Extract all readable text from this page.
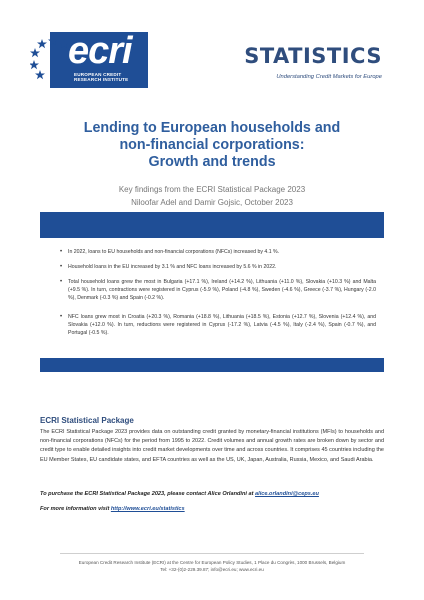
ecri
EUROPEAN CREDIT RESEARCH INSTITUTE
STATISTICS
Understanding Credit Markets for Europe
Lending to European households and
non-financial corporations:
Growth and trends
Key findings from the ECRI Statistical Package 2023
Niloofar Adel and Damir Gojsic, October 2023
• In 2022, loans to EU households and non-financial corporations (NFCs) increased by 4.1 %.
• Household loans in the EU increased by 3.1 % and NFC loans increased by 5.6 % in 2022.
• Total household loans grew the most in Bulgaria (+17.1 %), Ireland (+14.2 %), Lithuania (+11.0 %), Slovakia (+10.3 %) and Malta (+9.5 %). In turn, contractions were registered in Cyprus (-5.9 %), Poland (-4.8 %), Sweden (-4.6 %), Greece (-3.7 %), Hungary (-2.0 %), Denmark (-0.3 %) and Spain (-0.2 %).
• NFC loans grew most in Croatia (+20.3 %), Romania (+18.8 %), Lithuania (+18.5 %), Estonia (+12.7 %), Slovenia (+12.4 %), and Slovakia (+12.0 %). In turn, reductions were registered in Cyprus (-17.2 %), Latvia (-4.5 %), Italy (-2.4 %), Spain (-0.7 %), and Portugal (-0.5 %).
ECRI Statistical Package
The ECRI Statistical Package 2023 provides data on outstanding credit granted by monetary-financial institutions (MFIs) to households and non-financial corporations (NFCs) for the period from 1995 to 2022. Credit volumes and annual growth rates are broken down by sector and credit type to enable detailed insights into credit market developments over time and across countries. It comprises 45 countries including the EU Member States, EU candidate states, and EFTA countries as well as the US, UK, Japan, Australia, Russia, Mexico, and Saudi Arabia.
To purchase the ECRI Statistical Package 2023, please contact Alice Orlandini at alice.orlandini@ceps.eu
For more information visit http://www.ecri.eu/statistics
European Credit Research Institute (ECRI) at the Centre for European Policy Studies, 1 Place du Congrès, 1000 Brussels, Belgium
Tel: +32-(0)2-229.39.87; info@ecri.eu; www.ecri.eu
